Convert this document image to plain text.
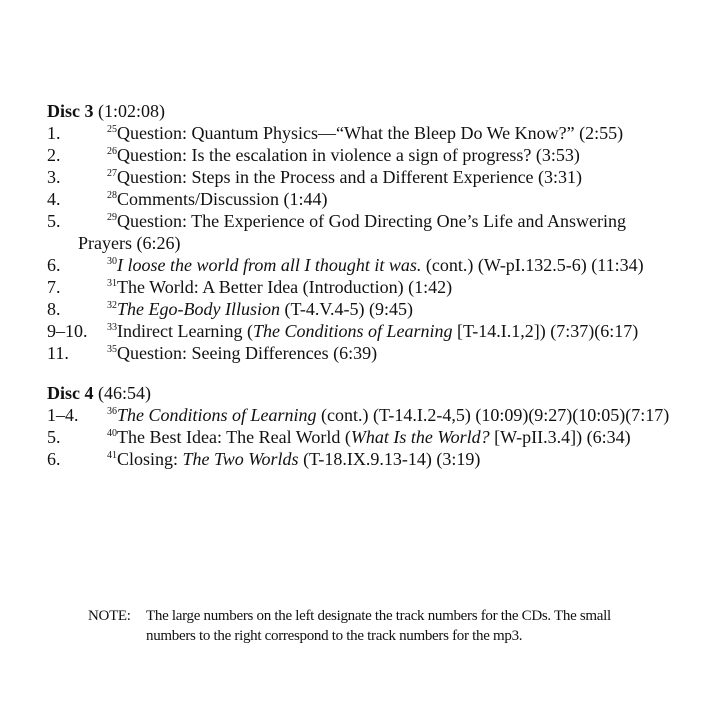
Disc 3 (1:02:08)
1.	$^{25}$Question: Quantum Physics—“What the Bleep Do We Know?” (2:55)
2.	$^{26}$Question: Is the escalation in violence a sign of progress? (3:53)
3.	$^{27}$Question: Steps in the Process and a Different Experience (3:31)
4.	$^{28}$Comments/Discussion (1:44)
5.	$^{29}$Question: The Experience of God Directing One’s Life and Answering
Prayers (6:26)
6.	$^{30}$I loose the world from all I thought it was. (cont.) (W-pI.132.5-6) (11:34)
7.	$^{31}$The World: A Better Idea (Introduction) (1:42)
8.	$^{32}$The Ego-Body Illusion (T-4.V.4-5) (9:45)
9–10. $^{33}$Indirect Learning (The Conditions of Learning [T-14.I.1,2]) (7:37)(6:17)
11.	$^{35}$Question: Seeing Differences (6:39)
Disc 4 (46:54)
1–4.	$^{36}$The Conditions of Learning (cont.) (T-14.I.2-4,5) (10:09)(9:27)(10:05)(7:17)
5.	$^{40}$The Best Idea: The Real World (What Is the World? [W-pII.3.4]) (6:34)
6.	$^{41}$Closing: The Two Worlds (T-18.IX.9.13-14) (3:19)
NOTE: The large numbers on the left designate the track numbers for the CDs. The small numbers to the right correspond to the track numbers for the mp3.
